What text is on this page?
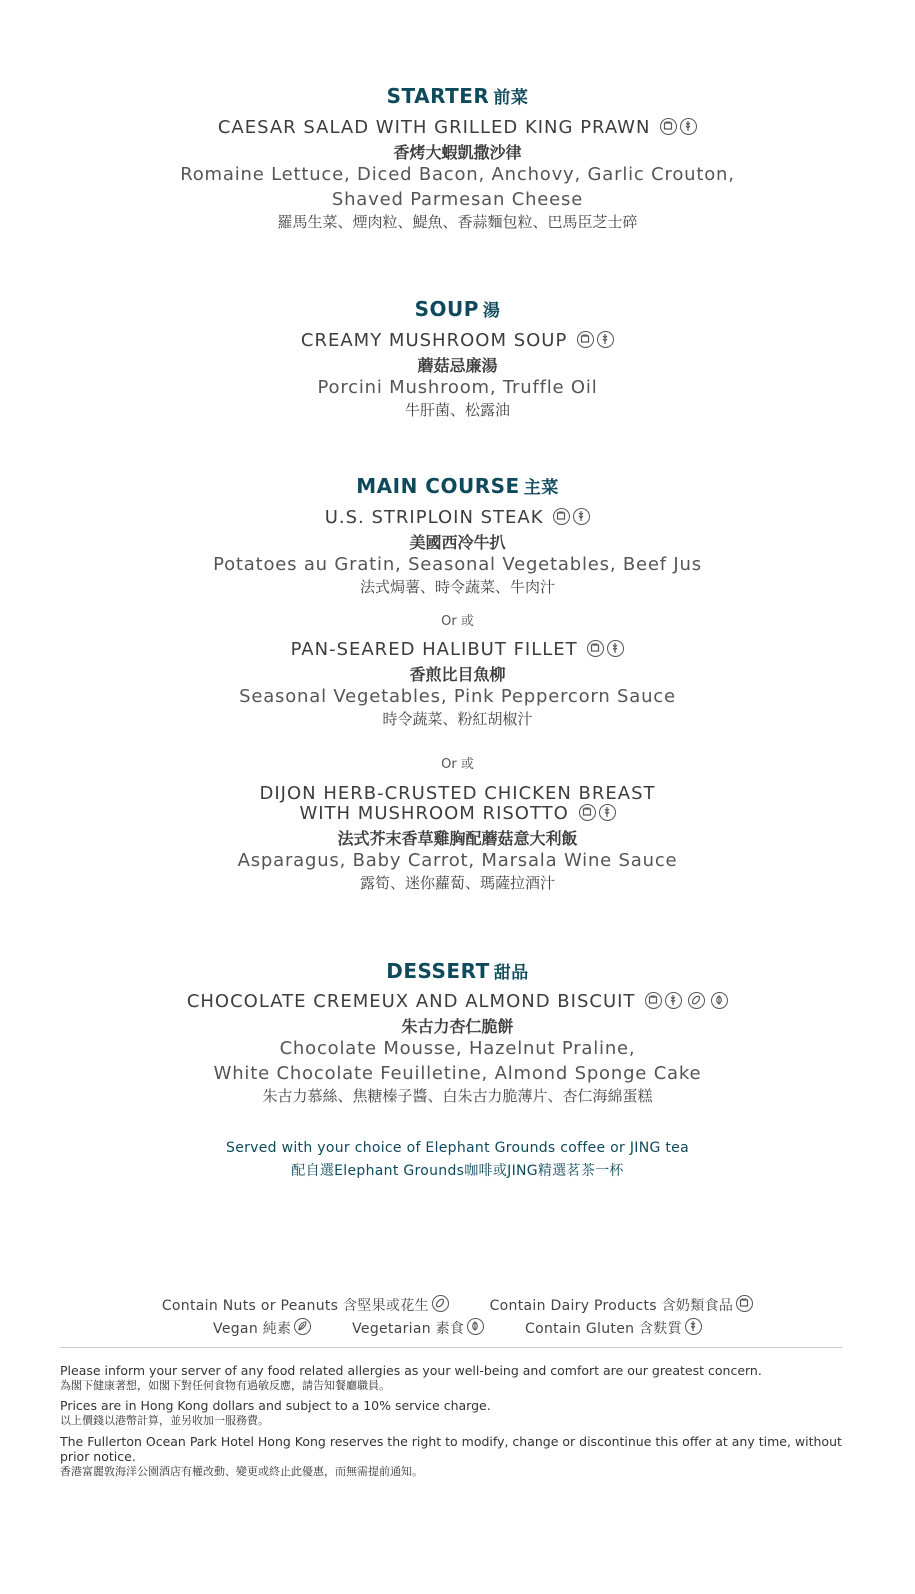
STARTER 前菜
CAESAR SALAD WITH GRILLED KING PRAWN
香烤大蝦凱撒沙律
Romaine Lettuce, Diced Bacon, Anchovy, Garlic Crouton,
Shaved Parmesan Cheese
羅馬生菜、煙肉粒、鯷魚、香蒜麵包粒、巴馬臣芝士碎
SOUP 湯
CREAMY MUSHROOM SOUP
蘑菇忌廉湯
Porcini Mushroom, Truffle Oil
牛肝菌、松露油
MAIN COURSE 主菜
U.S. STRIPLOIN STEAK
美國西冷牛扒
Potatoes au Gratin, Seasonal Vegetables, Beef Jus
法式焗薯、時令蔬菜、牛肉汁
Or 或
PAN-SEARED HALIBUT FILLET
香煎比目魚柳
Seasonal Vegetables, Pink Peppercorn Sauce
時令蔬菜、粉紅胡椒汁
Or 或
DIJON HERB-CRUSTED CHICKEN BREAST
WITH MUSHROOM RISOTTO
法式芥末香草雞胸配蘑菇意大利飯
Asparagus, Baby Carrot, Marsala Wine Sauce
露筍、迷你蘿蔔、瑪薩拉酒汁
DESSERT 甜品
CHOCOLATE CREMEUX AND ALMOND BISCUIT
朱古力杏仁脆餅
Chocolate Mousse, Hazelnut Praline,
White Chocolate Feuilletine, Almond Sponge Cake
朱古力慕絲、焦糖榛子醬、白朱古力脆薄片、杏仁海綿蛋糕
Served with your choice of Elephant Grounds coffee or JING tea
配自選Elephant Grounds咖啡或JING精選茗茶一杯
Contain Nuts or Peanuts 含堅果或花生	Contain Dairy Products 含奶類食品
Vegan 純素	Vegetarian 素食	Contain Gluten 含麩質
Please inform your server of any food related allergies as your well-being and comfort are our greatest concern.
為閣下健康著想，如閣下對任何食物有過敏反應，請告知餐廳職員。
Prices are in Hong Kong dollars and subject to a 10% service charge.
以上價錢以港幣計算，並另收加一服務費。
The Fullerton Ocean Park Hotel Hong Kong reserves the right to modify, change or discontinue this offer at any time, without prior notice.
香港富麗敦海洋公園酒店有權改動、變更或終止此優惠，而無需提前通知。
